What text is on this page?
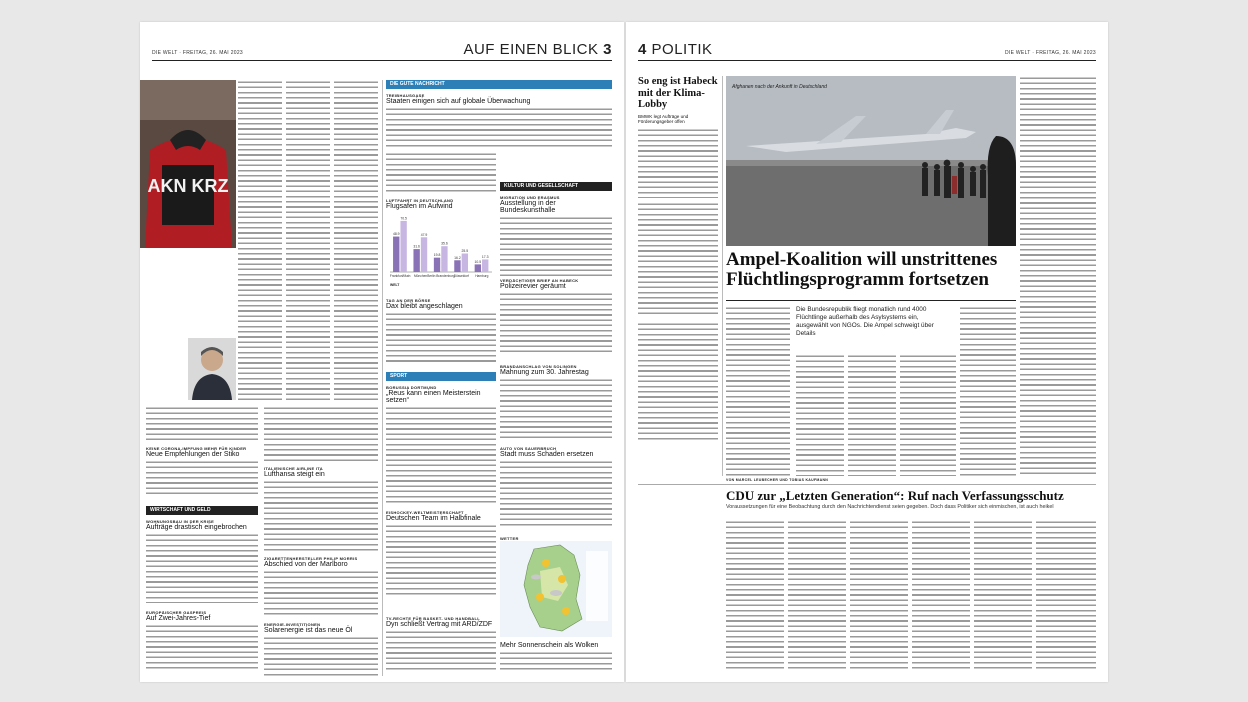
DIE WELT · FREITAG, 26. MAI 2023	AUF EINEN BLICK 3
AKN KRZ
KEINE CORONA-IMPFUNG MEHR FÜR KINDER
Neue Empfehlungen der Stiko
WIRTSCHAFT UND GELD
WOHNUNGSBAU IN DER KRISE
Aufträge drastisch eingebrochen
EUROPÄISCHER GASPREIS
Auf Zwei-Jahres-Tief
ITALIENISCHE AIRLINE ITA
Lufthansa steigt ein
ZIGARETTENHERSTELLER PHILIP MORRIS
Abschied von der Marlboro
ENERGIE-INVESTITIONEN
Solarenergie ist das neue Öl
DIE GUTE NACHRICHT
TREIBHAUSGASE
Staaten einigen sich auf globale Überwachung
LUFTFAHRT IN DEUTSCHLAND
Flugsafen im Aufwind
48.9
70.5
Frankfurt/Main
31.6
47.9
München
19.8
35.6
Berlin Brandenburg
16.2
25.5
Düsseldorf
10.5
17.3
Hamburg
WELT
TAG AN DER BÖRSE
Dax bleibt angeschlagen
SPORT
BORUSSIA DORTMUND
„Reus kann einen Meisterstein setzen“
EISHOCKEY-WELTMEISTERSCHAFT
Deutschen Team im Halbfinale
TV-RECHTE FÜR BASKET- UND HANDBALL
Dyn schließt Vertrag mit ARD/ZDF
KULTUR UND GESELLSCHAFT
MIGRATION UND ERASMUS
Ausstellung in der Bundeskunsthalle
VERDÄCHTIGER BRIEF AN HABECK
Polizeirevier geräumt
BRANDANSCHLAG VON SOLINGEN
Mahnung zum 30. Jahrestag
AUTO VON SAUERBRUCH
Stadt muss Schaden ersetzen
WETTER
Mehr Sonnenschein als Wolken
4 POLITIK	DIE WELT · FREITAG, 26. MAI 2023
So eng ist Habeck mit der Klima-Lobby
BMWK legt Aufträge und Förderungsgeber offen
Afghanen nach der Ankunft in Deutschland
Ampel-Koalition will unstrittenes Flüchtlingsprogramm fortsetzen
Die Bundesrepublik fliegt monatlich rund 4000 Flüchtlinge außerhalb des Asylsystems ein, ausgewählt von NGOs. Die Ampel schweigt über Details
VON MARCEL LEUBECHER UND TOBIAS KAUFMANN
CDU zur „Letzten Generation“: Ruf nach Verfassungsschutz
Voraussetzungen für eine Beobachtung durch den Nachrichtendienst seien gegeben. Doch dass Politiker sich einmischen, ist auch heikel
